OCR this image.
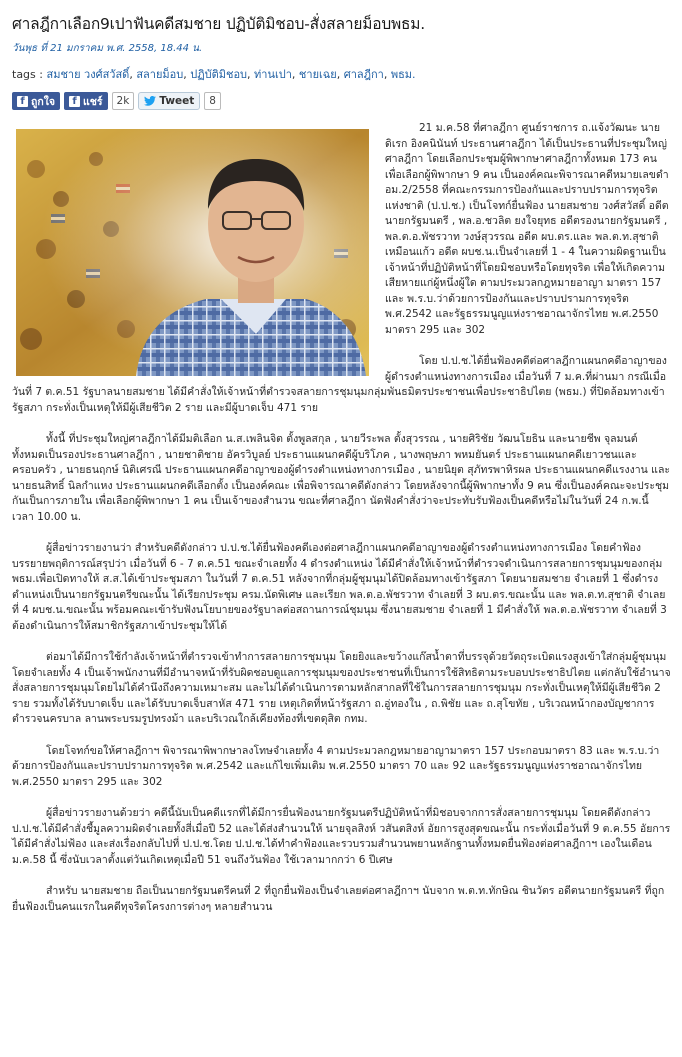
ศาลฎีกาเลือก9เปาฟันคดีสมชาย ปฏิบัติมิชอบ-สั่งสลายม็อบพธม.
วันพุธ ที่ 21 มกราคม พ.ศ. 2558, 18.44 น.
tags : สมชาย วงศ์สวัสดิ์, สลายม็อบ, ปฏิบัติมิชอบ, ท่านเปา, ชายเฉย, ศาลฎีกา, พธม.
f ถูกใจ	f แชร์	2k	Tweet	8

21 ม.ค.58 ที่ศาลฎีกา ศูนย์ราชการ ถ.แจ้งวัฒนะ นายดิเรก อิงคนินันท์ ประธานศาลฎีกา ได้เป็นประธานที่ประชุมใหญ่ศาลฎีกา โดยเลือกประชุมผู้พิพากษาศาลฎีกาทั้งหมด 173 คน เพื่อเลือกผู้พิพากษา 9 คน เป็นองค์คณะพิจารณาคดีหมายเลขดำ อม.2/2558 ที่คณะกรรมการป้องกันและปราบปรามการทุจริตแห่งชาติ (ป.ป.ช.) เป็นโจทก์ยื่นฟ้อง นายสมชาย วงศ์สวัสดิ์ อดีตนายกรัฐมนตรี , พล.อ.ชวลิต ยงใจยุทธ อดีตรองนายกรัฐมนตรี , พล.ต.อ.พัชรวาท วงษ์สุวรรณ อดีต ผบ.ตร.และ พล.ต.ท.สุชาติ เหมือนแก้ว อดีต ผบช.น.เป็นจำเลยที่ 1 - 4 ในความผิดฐานเป็นเจ้าหน้าที่ปฏิบัติหน้าที่โดยมิชอบหรือโดยทุจริต เพื่อให้เกิดความเสียหายแก่ผู้หนึ่งผู้ใด ตามประมวลกฎหมายอาญา มาตรา 157 และ พ.ร.บ.ว่าด้วยการป้องกันและปราบปรามการทุจริต พ.ศ.2542 และรัฐธรรมนูญแห่งราชอาณาจักรไทย พ.ศ.2550 มาตรา 295 และ 302

โดย ป.ป.ช.ได้ยื่นฟ้องคดีต่อศาลฎีกาแผนกคดีอาญาของผู้ดำรงตำแหน่งทางการเมือง เมื่อวันที่ 7 ม.ค.ที่ผ่านมา กรณีเมื่อวันที่ 7 ต.ค.51 รัฐบาลนายสมชาย ได้มีคำสั่งให้เจ้าหน้าที่ตำรวจสลายการชุมนุมกลุ่มพันธมิตรประชาชนเพื่อประชาธิปไตย (พธม.) ที่ปิดล้อมทางเข้ารัฐสภา กระทั่งเป็นเหตุให้มีผู้เสียชีวิต 2 ราย และมีผู้บาดเจ็บ 471 ราย

ทั้งนี้ ที่ประชุมใหญ่ศาลฎีกาได้มีมติเลือก น.ส.เพลินจิต ตั้งพูลสกุล , นายวีระพล ตั้งสุวรรณ , นายศิริชัย วัฒนโยธิน และนายชีพ จุลมนต์ ทั้งหมดเป็นรองประธานศาลฎีกา , นายชาติชาย อัครวิบูลย์ ประธานแผนกคดีผู้บริโภค , นางพฤษภา พหมยันตร์ ประธานแผนกคดีเยาวชนและครอบครัว , นายธนฤกษ์ นิติเศรณี ประธานแผนกคดีอาญาของผู้ดำรงตำแหน่งทางการเมือง , นายนิยุต สุภัทรพาหิรผล ประธานแผนกคดีแรงงาน และนายธนสิทธิ์ นิลกำแหง ประธานแผนกคดีเลือกตั้ง เป็นองค์คณะ เพื่อพิจารณาคดีดังกล่าว โดยหลังจากนี้ผู้พิพากษาทั้ง 9 คน ซึ่งเป็นองค์คณะจะประชุมกันเป็นการภายใน เพื่อเลือกผู้พิพากษา 1 คน เป็นเจ้าของสำนวน ขณะที่ศาลฎีกา นัดฟังคำสั่งว่าจะประทับรับฟ้องเป็นคดีหรือไม่ในวันที่ 24 ก.พ.นี้ เวลา 10.00 น.

ผู้สื่อข่าวรายงานว่า สำหรับคดีดังกล่าว ป.ป.ช.ได้ยื่นฟ้องคดีเองต่อศาลฎีกาแผนกคดีอาญาของผู้ดำรงตำแหน่งทางการเมือง โดยคำฟ้องบรรยายพฤติการณ์สรุปว่า เมื่อวันที่ 6 - 7 ต.ค.51 ขณะจำเลยทั้ง 4 ดำรงตำแหน่ง ได้มีคำสั่งให้เจ้าหน้าที่ตำรวจดำเนินการสลายการชุมนุมของกลุ่ม พธม.เพื่อเปิดทางให้ ส.ส.ได้เข้าประชุมสภา ในวันที่ 7 ต.ค.51 หลังจากที่กลุ่มผู้ชุมนุมได้ปิดล้อมทางเข้ารัฐสภา โดยนายสมชาย จำเลยที่ 1 ซึ่งดำรงตำแหน่งเป็นนายกรัฐมนตรีขณะนั้น ได้เรียกประชุม ครม.นัดพิเศษ และเรียก พล.ต.อ.พัชรวาท จำเลยที่ 3 ผบ.ตร.ขณะนั้น และ พล.ต.ท.สุชาติ จำเลยที่ 4 ผบช.น.ขณะนั้น พร้อมคณะเข้ารับฟังนโยบายของรัฐบาลต่อสถานการณ์ชุมนุม ซึ่งนายสมชาย จำเลยที่ 1 มีคำสั่งให้ พล.ต.อ.พัชรวาท จำเลยที่ 3 ต้องดำเนินการให้สมาชิกรัฐสภาเข้าประชุมให้ได้

ต่อมาได้มีการใช้กำลังเจ้าหน้าที่ตำรวจเข้าทำการสลายการชุมนุม โดยยิงและขว้างแก๊สน้ำตาที่บรรจุด้วยวัตถุระเบิดแรงสูงเข้าใส่กลุ่มผู้ชุมนุม โดยจำเลยทั้ง 4 เป็นเจ้าพนักงานที่มีอำนาจหน้าที่รับผิดชอบดูแลการชุมนุมของประชาชนที่เป็นการใช้สิทธิตามระบอบประชาธิปไตย แต่กลับใช้อำนาจสั่งสลายการชุมนุมโดยไม่ได้คำนึงถึงความเหมาะสม และไม่ได้ดำเนินการตามหลักสากลที่ใช้ในการสลายการชุมนุม กระทั่งเป็นเหตุให้มีผู้เสียชีวิต 2 ราย รวมทั้งได้รับบาดเจ็บ และได้รับบาดเจ็บสาหัส 471 ราย เหตุเกิดที่หน้ารัฐสภา ถ.อู่ทองใน , ถ.พิชัย และ ถ.สุโขทัย , บริเวณหน้ากองบัญชาการตำรวจนครบาล ลานพระบรมรูปทรงม้า และบริเวณใกล้เคียงท้องที่เขตดุสิต กทม.

โดยโจทก์ขอให้ศาลฎีกาฯ พิจารณาพิพากษาลงโทษจำเลยทั้ง 4 ตามประมวลกฎหมายอาญามาตรา 157 ประกอบมาตรา 83 และ พ.ร.บ.ว่าด้วยการป้องกันและปราบปรามการทุจริต พ.ศ.2542 และแก้ไขเพิ่มเติม พ.ศ.2550 มาตรา 70 และ 92 และรัฐธรรมนูญแห่งราชอาณาจักรไทย พ.ศ.2550 มาตรา 295 และ 302

ผู้สื่อข่าวรายงานด้วยว่า คดีนี้นับเป็นคดีแรกที่ได้มีการยื่นฟ้องนายกรัฐมนตรีปฏิบัติหน้าที่มิชอบจากการสั่งสลายการชุมนุม โดยคดีดังกล่าว ป.ป.ช.ได้มีคำสั่งชี้มูลความผิดจำเลยทั้งสี่เมื่อปี 52 และได้ส่งสำนวนให้ นายจุลสิงห์ วสันตสิงห์ อัยการสูงสุดขณะนั้น กระทั่งเมื่อวันที่ 9 ต.ค.55 อัยการได้มีคำสั่งไม่ฟ้อง และส่งเรื่องกลับไปที่ ป.ป.ช.โดย ป.ป.ช.ได้ทำคำฟ้องและรวบรวมสำนวนพยานหลักฐานทั้งหมดยื่นฟ้องต่อศาลฎีกาฯ เองในเดือน ม.ค.58 นี้ ซึ่งนับเวลาตั้งแต่วันเกิดเหตุเมื่อปี 51 จนถึงวันฟ้อง ใช้เวลามากกว่า 6 ปีเศษ

สำหรับ นายสมชาย ถือเป็นนายกรัฐมนตรีคนที่ 2 ที่ถูกยื่นฟ้องเป็นจำเลยต่อศาลฎีกาฯ นับจาก พ.ต.ท.ทักษิณ ชินวัตร อดีตนายกรัฐมนตรี ที่ถูกยื่นฟ้องเป็นคนแรกในคดีทุจริตโครงการต่างๆ หลายสำนวน
